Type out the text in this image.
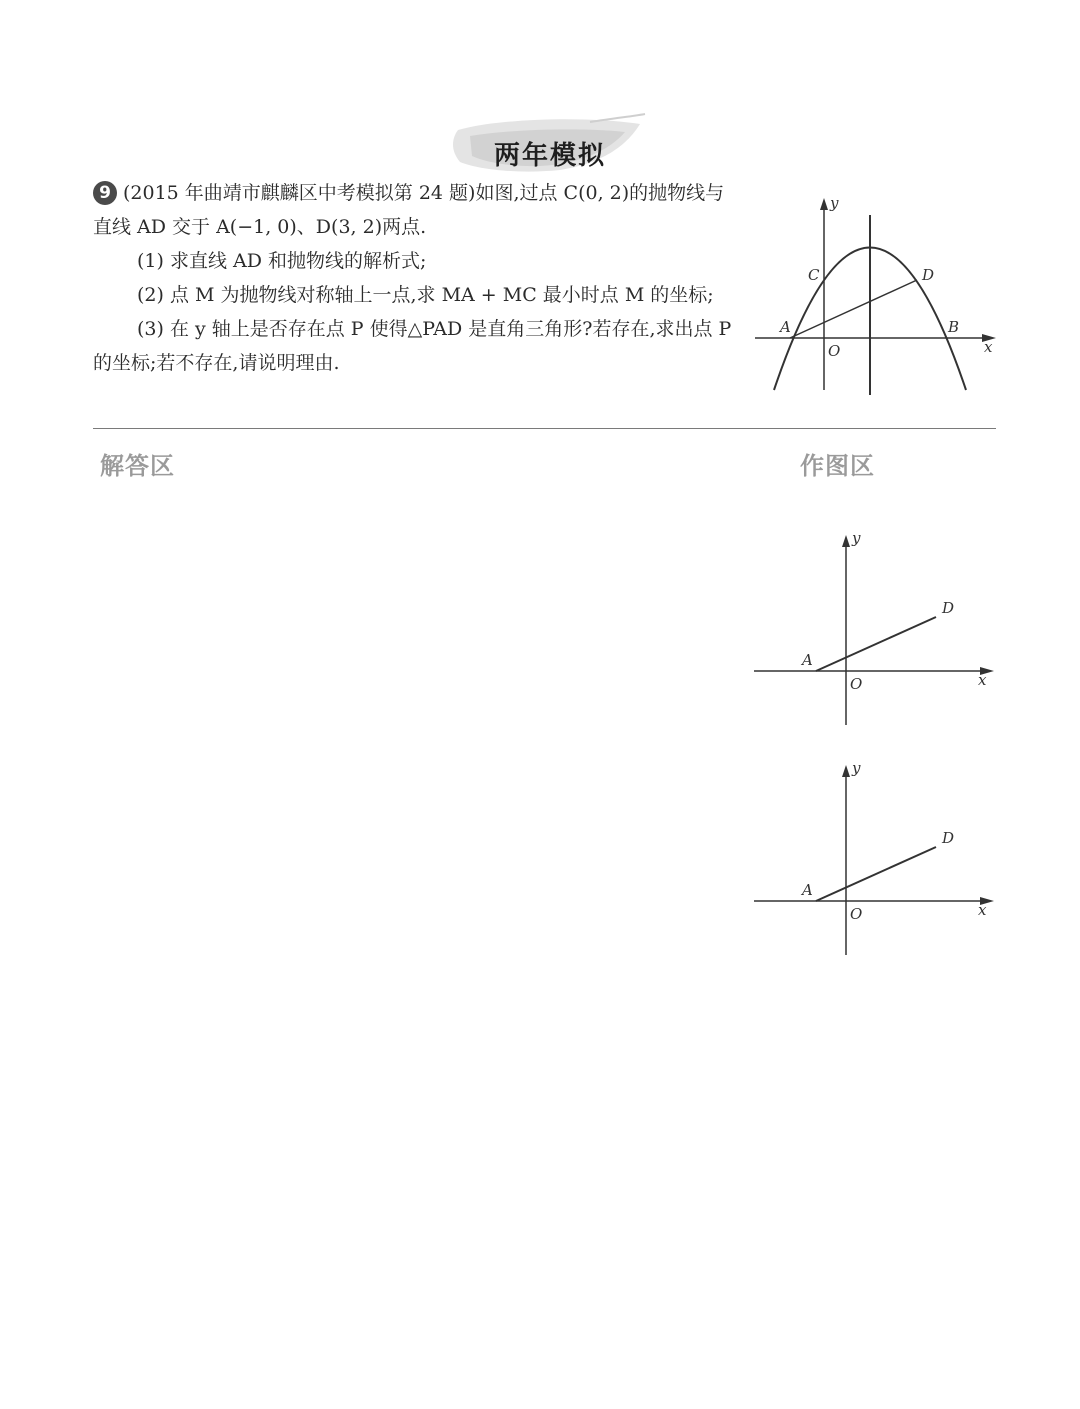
两年模拟

9 (2015 年曲靖市麒麟区中考模拟第 24 题)如图,过点 C(0, 2)的抛物线与直线 AD 交于 A(−1, 0)、D(3, 2)两点.

(1) 求直线 AD 和抛物线的解析式;

(2) 点 M 为抛物线对称轴上一点,求 MA + MC 最小时点 M 的坐标;

(3) 在 y 轴上是否存在点 P 使得△PAD 是直角三角形?若存在,求出点 P 的坐标;若不存在,请说明理由.

y
x
O
A	B
C	D
解答区	作图区
y
x
O
A
D
y
x
O
A
D
